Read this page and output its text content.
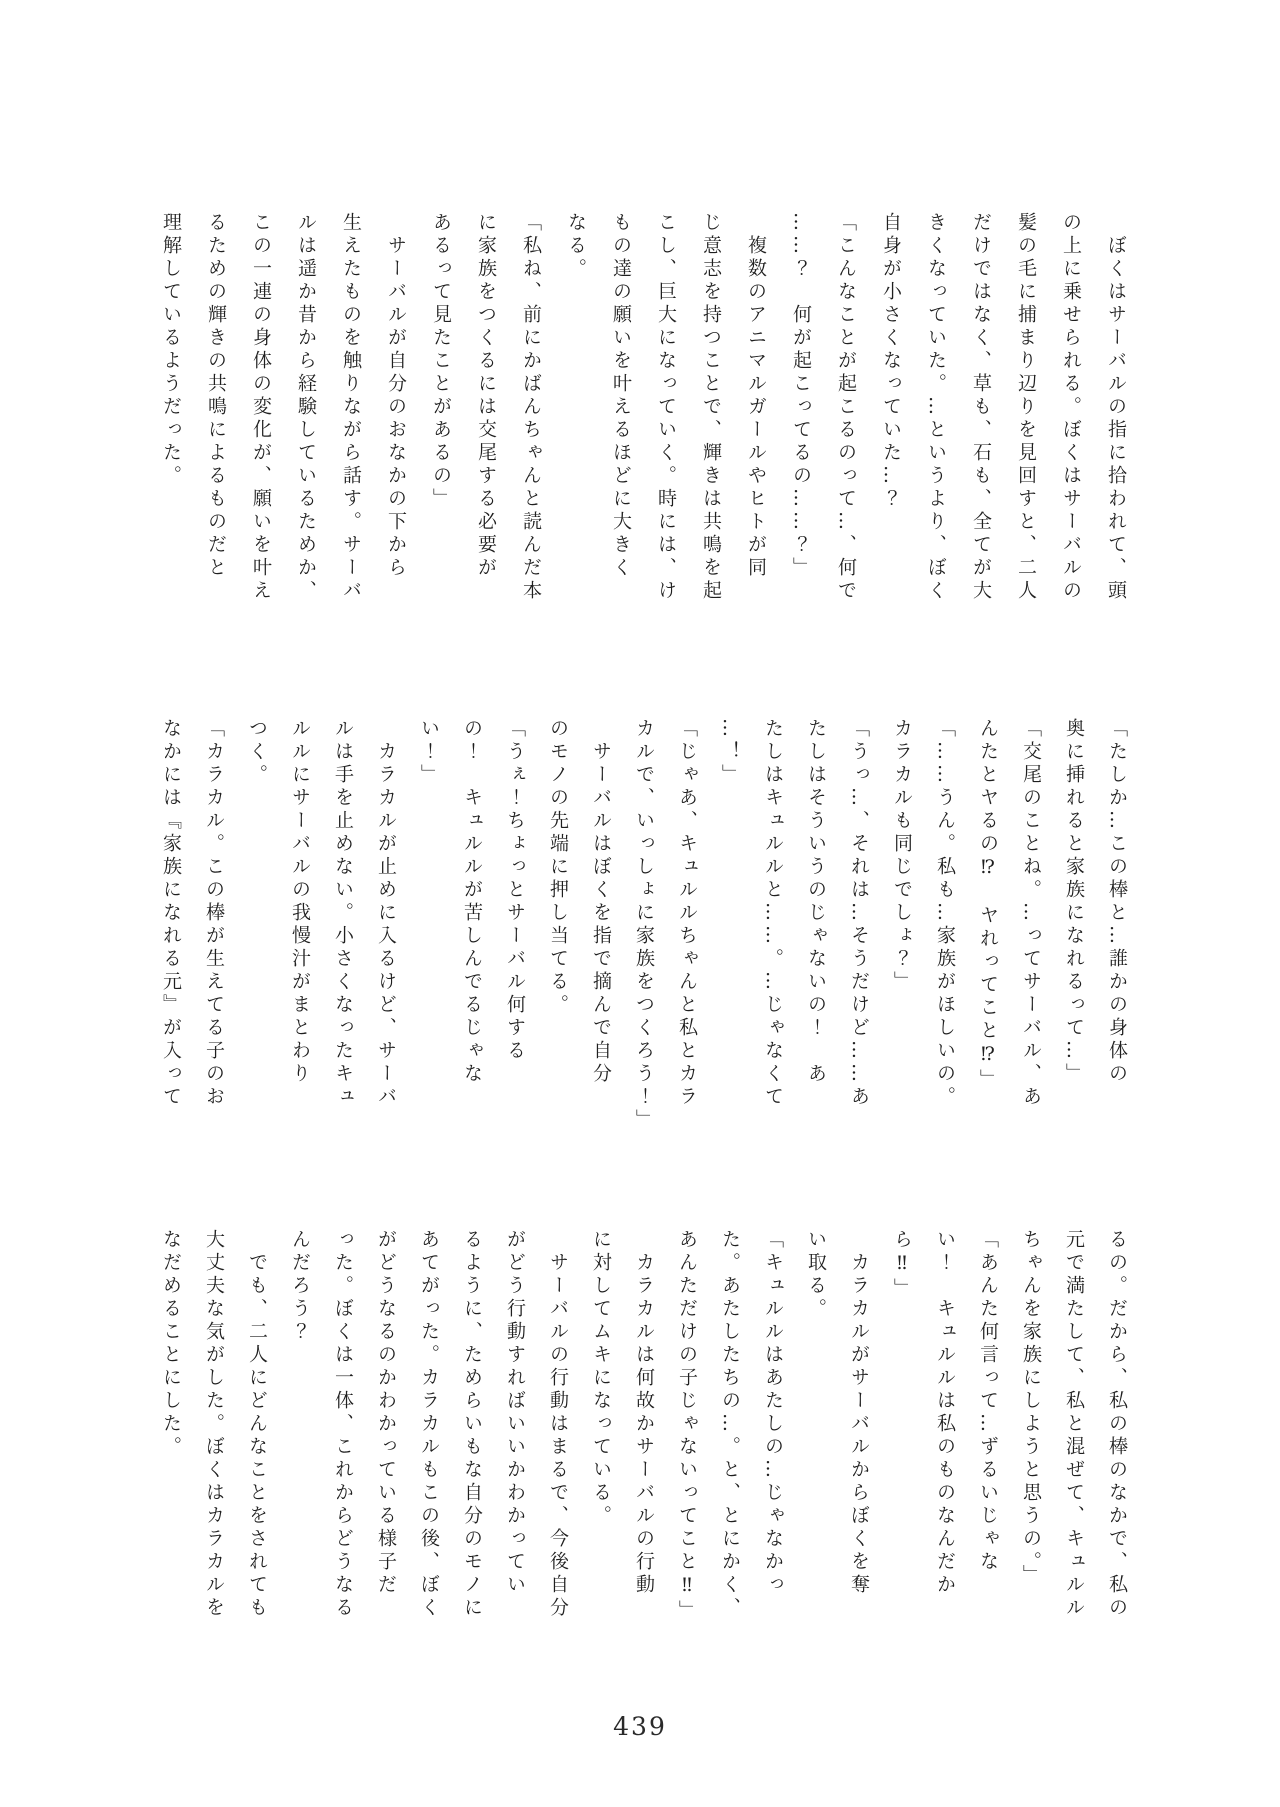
ぼくはサーバルの指に拾われて、頭

の上に乗せられる。ぼくはサーバルの

髪の毛に捕まり辺りを見回すと、二人

だけではなく、草も、石も、全てが大

きくなっていた。…というより、ぼく

自身が小さくなっていた…？

「こんなことが起こるのって…、何で

……？　何が起こってるの……？」

複数のアニマルガールやヒトが同

じ意志を持つことで、輝きは共鳴を起

こし、巨大になっていく。時には、け

もの達の願いを叶えるほどに大きく

なる。

「私ね、前にかばんちゃんと読んだ本

に家族をつくるには交尾する必要が

あるって見たことがあるの」

サーバルが自分のおなかの下から

生えたものを触りながら話す。サーバ

ルは遥か昔から経験しているためか、

この一連の身体の変化が、願いを叶え

るための輝きの共鳴によるものだと

理解しているようだった。

「たしか…この棒と…誰かの身体の

奥に挿れると家族になれるって…」

「交尾のことね。…ってサーバル、あ

んたとヤるの⁉　ヤれってこと⁉」

「……うん。私も…家族がほしいの。

カラカルも同じでしょ？」

「うっ…、それは…そうだけど……あ

たしはそういうのじゃないの！　あ

たしはキュルルと……。…じゃなくて

…！」

「じゃあ、キュルルちゃんと私とカラ

カルで、いっしょに家族をつくろう！」

サーバルはぼくを指で摘んで自分

のモノの先端に押し当てる。

「うぇ！ちょっとサーバル何する

の！　キュルルが苦しんでるじゃな

い！」

カラカルが止めに入るけど、サーバ

ルは手を止めない。小さくなったキュ

ルルにサーバルの我慢汁がまとわり

つく。

「カラカル。この棒が生えてる子のお

なかには『家族になれる元』が入って

るの。だから、私の棒のなかで、私の

元で満たして、私と混ぜて、キュルル

ちゃんを家族にしようと思うの。」

「あんた何言って…ずるいじゃな

い！　キュルルは私のものなんだか

ら‼」

カラカルがサーバルからぼくを奪

い取る。

「キュルルはあたしの…じゃなかっ

た。あたしたちの…。と、とにかく、

あんただけの子じゃないってこと‼」

カラカルは何故かサーバルの行動

に対してムキになっている。

サーバルの行動はまるで、今後自分

がどう行動すればいいかわかってい

るように、ためらいもな自分のモノに

あてがった。カラカルもこの後、ぼく

がどうなるのかわかっている様子だ

った。ぼくは一体、これからどうなる

んだろう？

でも、二人にどんなことをされても

大丈夫な気がした。ぼくはカラカルを

なだめることにした。

439
